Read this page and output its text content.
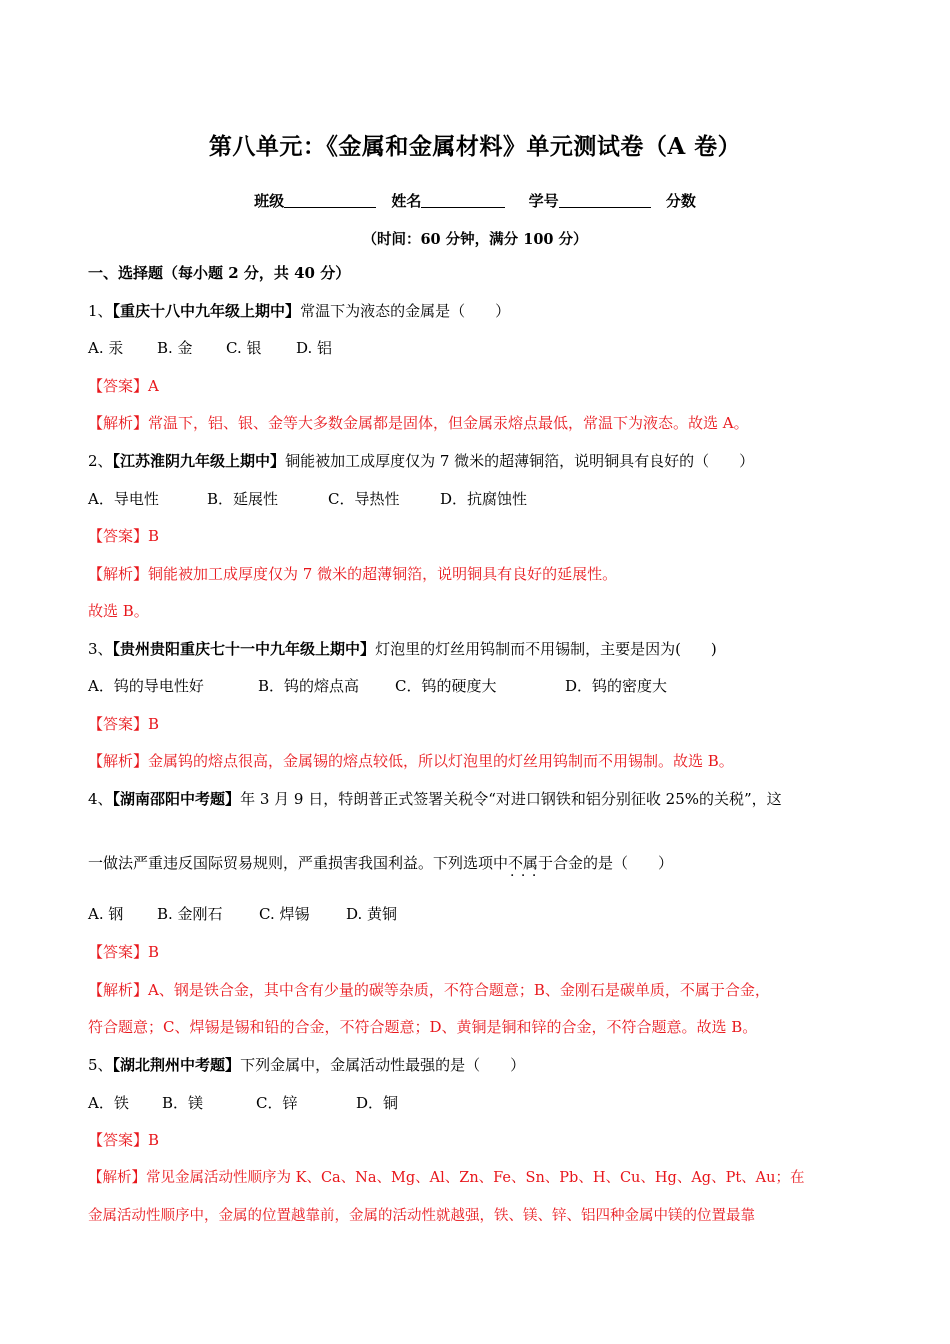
第八单元：《金属和金属材料》单元测试卷（A 卷）
班级	姓名	学号	分数
（时间：60 分钟，满分 100 分）
一、选择题（每小题 2 分，共 40 分）
1、【重庆十八中九年级上期中】常温下为液态的金属是（　　）
A. 汞 B. 金 C. 银 D. 铝
【答案】A
【解析】常温下，铝、银、金等大多数金属都是固体，但金属汞熔点最低，常温下为液态。故选 A。
2、【江苏淮阴九年级上期中】铜能被加工成厚度仅为 7 微米的超薄铜箔，说明铜具有良好的（　　）
A．导电性	B．延展性	C．导热性	D．抗腐蚀性
【答案】B
【解析】铜能被加工成厚度仅为 7 微米的超薄铜箔，说明铜具有良好的延展性。
故选 B。
3、【贵州贵阳重庆七十一中九年级上期中】灯泡里的灯丝用钨制而不用锡制，主要是因为(　　)
A．钨的导电性好	B．钨的熔点高 C．钨的硬度大	D．钨的密度大
【答案】B
【解析】金属钨的熔点很高，金属锡的熔点较低，所以灯泡里的灯丝用钨制而不用锡制。故选 B。
4、【湖南邵阳中考题】年 3 月 9 日，特朗普正式签署关税令“对进口钢铁和铝分别征收 25%的关税”，这
一做法严重违反国际贸易规则，严重损害我国利益。下列选项中不属于 · · ·合金的是（　　）
A. 钢 B. 金刚石 C. 焊锡 D. 黄铜
【答案】B
【解析】A、钢是铁合金，其中含有少量的碳等杂质，不符合题意；B、金刚石是碳单质，不属于合金，
符合题意；C、焊锡是锡和铅的合金，不符合题意；D、黄铜是铜和锌的合金，不符合题意。故选 B。
5、【湖北荆州中考题】下列金属中，金属活动性最强的是（　　）
A．铁 B．镁	C．锌	D．铜
【答案】B
【解析】常见金属活动性顺序为 K、Ca、Na、Mg、Al、Zn、Fe、Sn、Pb、H、Cu、Hg、Ag、Pt、Au；在
金属活动性顺序中，金属的位置越靠前，金属的活动性就越强，铁、镁、锌、铝四种金属中镁的位置最靠
